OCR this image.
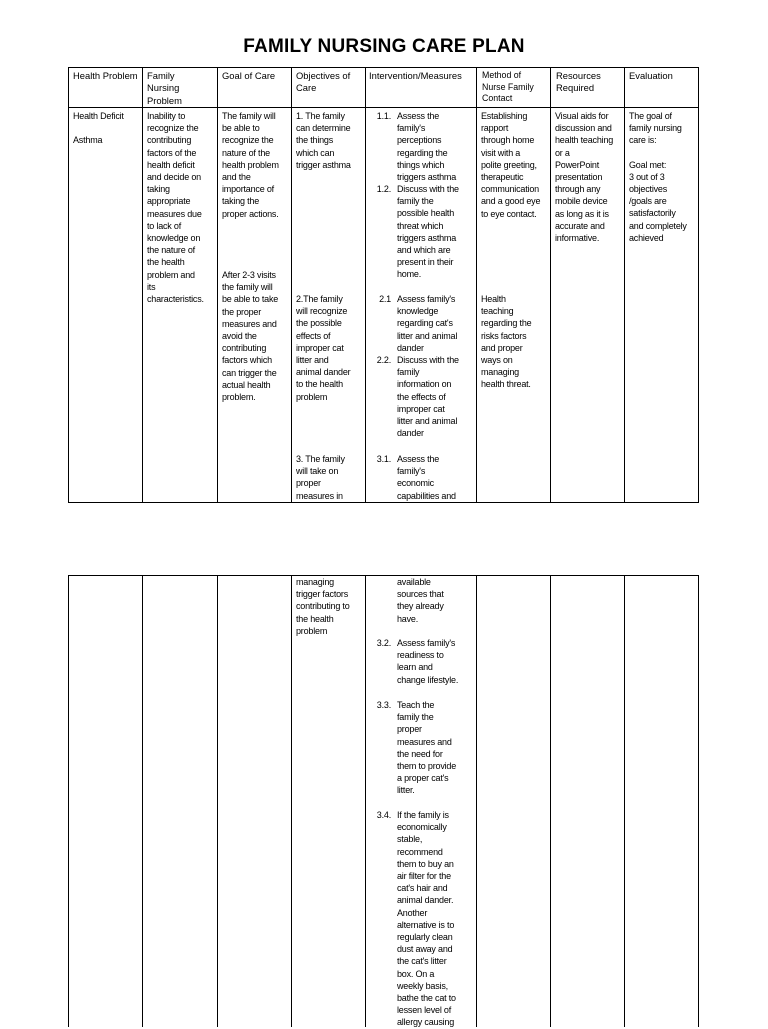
FAMILY NURSING CARE PLAN
Health Problem Family Nursing Problem
Goal of Care Objectives of Care
Intervention/Measures Method of Nurse Family Contact
Resources Required
Evaluation
Health Deficit
Asthma
Inability to
recognize the
contributing
factors of the
health deficit
and decide on
taking
appropriate
measures due
to lack of
knowledge on
the nature of
the health
problem and
its
characteristics.
The family will
be able to
recognize the
nature of the
health problem
and the
importance of
taking the
proper actions.
After 2-3 visits
the family will
be able to take
the proper
measures and
avoid the
contributing
factors which
can trigger the
actual health
problem.
1. The family
can determine
the things
which can
trigger asthma
2.The family
will recognize
the possible
effects of
improper cat
litter and
animal dander
to the health
problem
3. The family
will take on
proper
measures in
1.1. Assess the
family's
perceptions
regarding the
things which
triggers asthma
1.2. Discuss with the
family the
possible health
threat which
triggers asthma
and which are
present in their
home.
2.1 Assess family's
knowledge
regarding cat's
litter and animal
dander
2.2. Discuss with the
family
information on
the effects of
improper cat
litter and animal
dander
3.1. Assess the
family's
economic
capabilities and
Establishing
rapport
through home
visit with a
polite greeting,
therapeutic
communication
and a good eye
to eye contact.
Health
teaching
regarding the
risks factors
and proper
ways on
managing
health threat.
Visual aids for
discussion and
health teaching
or a
PowerPoint
presentation
through any
mobile device
as long as it is
accurate and
informative.
The goal of
family nursing
care is:
Goal met:
3 out of 3
objectives
/goals are
satisfactorily
and completely
achieved
managing
trigger factors
contributing to
the health
problem
available
sources that
they already
have.
3.2. Assess family's
readiness to
learn and
change lifestyle.
3.3. Teach the
family the
proper
measures and
the need for
them to provide
a proper cat's
litter.
3.4. If the family is
economically
stable,
recommend
them to buy an
air filter for the
cat's hair and
animal dander.
Another
alternative is to
regularly clean
dust away and
the cat's litter
box. On a
weekly basis,
bathe the cat to
lessen level of
allergy causing
